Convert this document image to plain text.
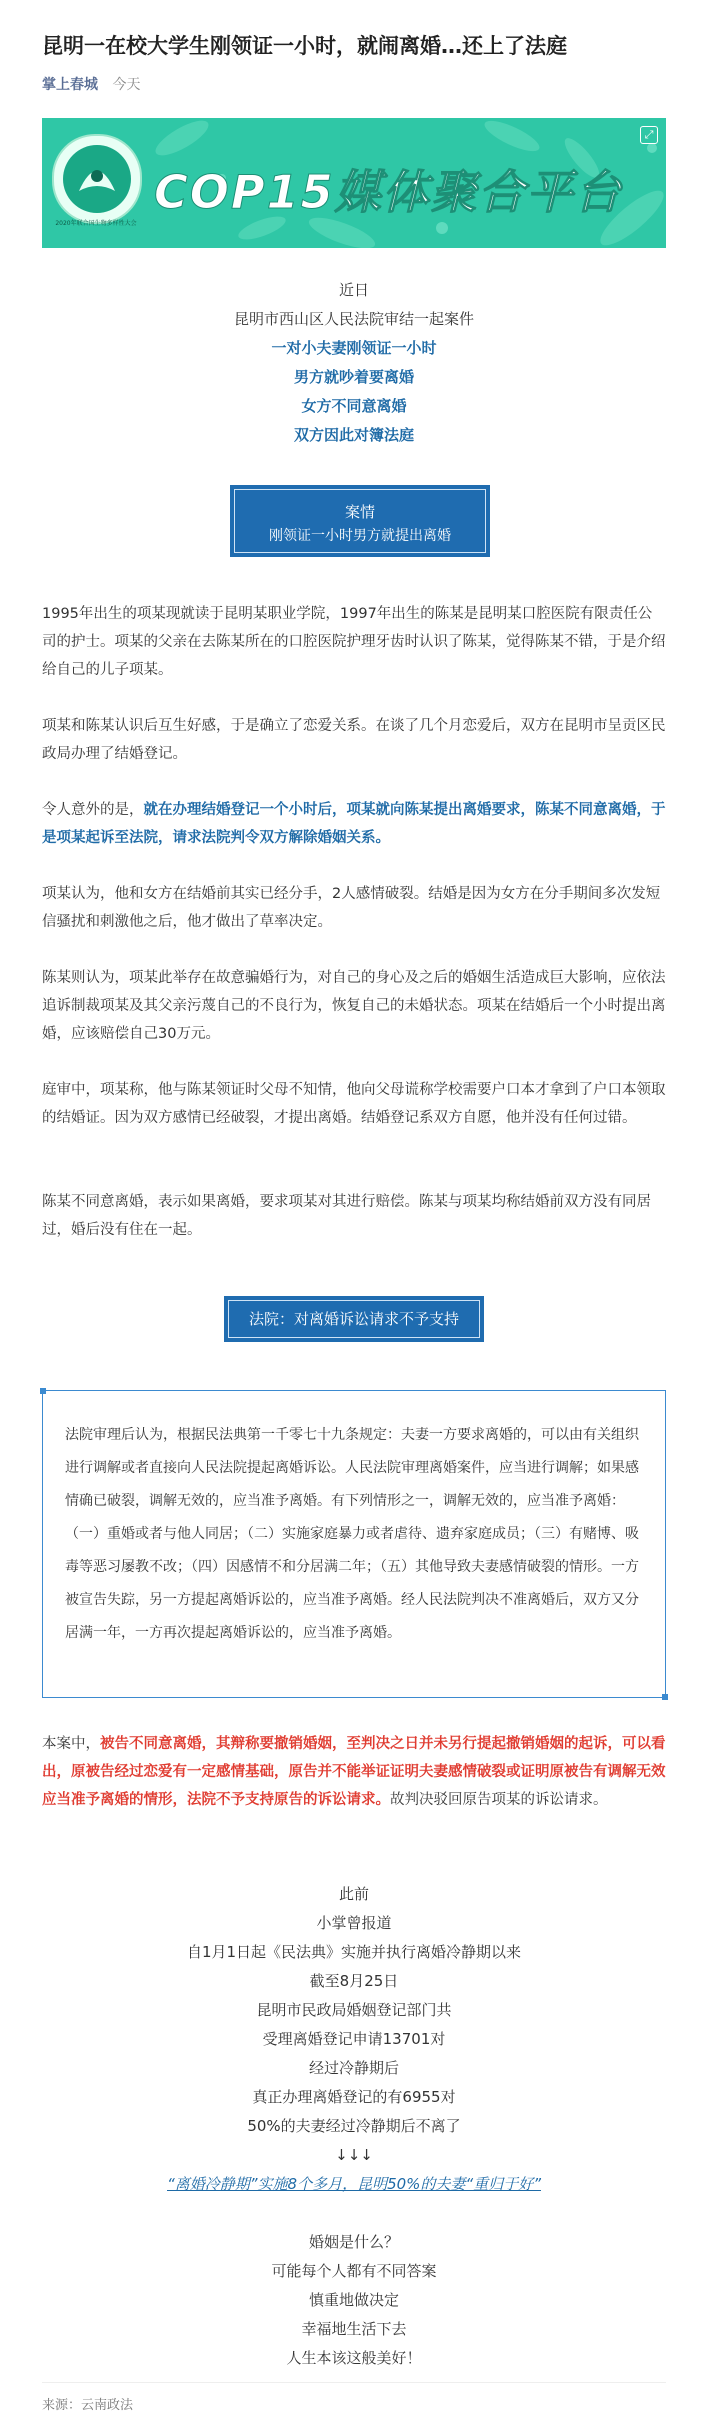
昆明一在校大学生刚领证一小时，就闹离婚…还上了法庭
掌上春城 今天
2020年联合国生物多样性大会
COP15媒体聚合平台
⤢
近日
昆明市西山区人民法院审结一起案件
一对小夫妻刚领证一小时
男方就吵着要离婚
女方不同意离婚
双方因此对簿法庭
案情
刚领证一小时男方就提出离婚

1995年出生的项某现就读于昆明某职业学院，1997年出生的陈某是昆明某口腔医院有限责任公司的护士。项某的父亲在去陈某所在的口腔医院护理牙齿时认识了陈某，觉得陈某不错，于是介绍给自己的儿子项某。

项某和陈某认识后互生好感，于是确立了恋爱关系。在谈了几个月恋爱后，双方在昆明市呈贡区民政局办理了结婚登记。

令人意外的是，就在办理结婚登记一个小时后，项某就向陈某提出离婚要求，陈某不同意离婚，于是项某起诉至法院，请求法院判令双方解除婚姻关系。

项某认为，他和女方在结婚前其实已经分手，2人感情破裂。结婚是因为女方在分手期间多次发短信骚扰和刺激他之后，他才做出了草率决定。

陈某则认为，项某此举存在故意骗婚行为，对自己的身心及之后的婚姻生活造成巨大影响，应依法追诉制裁项某及其父亲污蔑自己的不良行为，恢复自己的未婚状态。项某在结婚后一个小时提出离婚，应该赔偿自己30万元。

庭审中，项某称，他与陈某领证时父母不知情，他向父母谎称学校需要户口本才拿到了户口本领取的结婚证。因为双方感情已经破裂，才提出离婚。结婚登记系双方自愿，他并没有任何过错。

陈某不同意离婚，表示如果离婚，要求项某对其进行赔偿。陈某与项某均称结婚前双方没有同居过，婚后没有住在一起。

法院：对离婚诉讼请求不予支持

法院审理后认为，根据民法典第一千零七十九条规定：夫妻一方要求离婚的，可以由有关组织进行调解或者直接向人民法院提起离婚诉讼。人民法院审理离婚案件，应当进行调解；如果感情确已破裂，调解无效的，应当准予离婚。有下列情形之一，调解无效的，应当准予离婚：（一）重婚或者与他人同居；（二）实施家庭暴力或者虐待、遗弃家庭成员；（三）有赌博、吸毒等恶习屡教不改；（四）因感情不和分居满二年；（五）其他导致夫妻感情破裂的情形。一方被宣告失踪，另一方提起离婚诉讼的，应当准予离婚。经人民法院判决不准离婚后，双方又分居满一年，一方再次提起离婚诉讼的，应当准予离婚。

本案中，被告不同意离婚，其辩称要撤销婚姻，至判决之日并未另行提起撤销婚姻的起诉，可以看出，原被告经过恋爱有一定感情基础，原告并不能举证证明夫妻感情破裂或证明原被告有调解无效应当准予离婚的情形，法院不予支持原告的诉讼请求。故判决驳回原告项某的诉讼请求。

此前
小掌曾报道
自1月1日起《民法典》实施并执行离婚冷静期以来
截至8月25日
昆明市民政局婚姻登记部门共
受理离婚登记申请13701对
经过冷静期后
真正办理离婚登记的有6955对
50%的夫妻经过冷静期后不离了
↓↓↓
“离婚冷静期”实施8个多月，昆明50%的夫妻“重归于好”
婚姻是什么？
可能每个人都有不同答案
慎重地做决定
幸福地生活下去
人生本该这般美好！
来源：云南政法
